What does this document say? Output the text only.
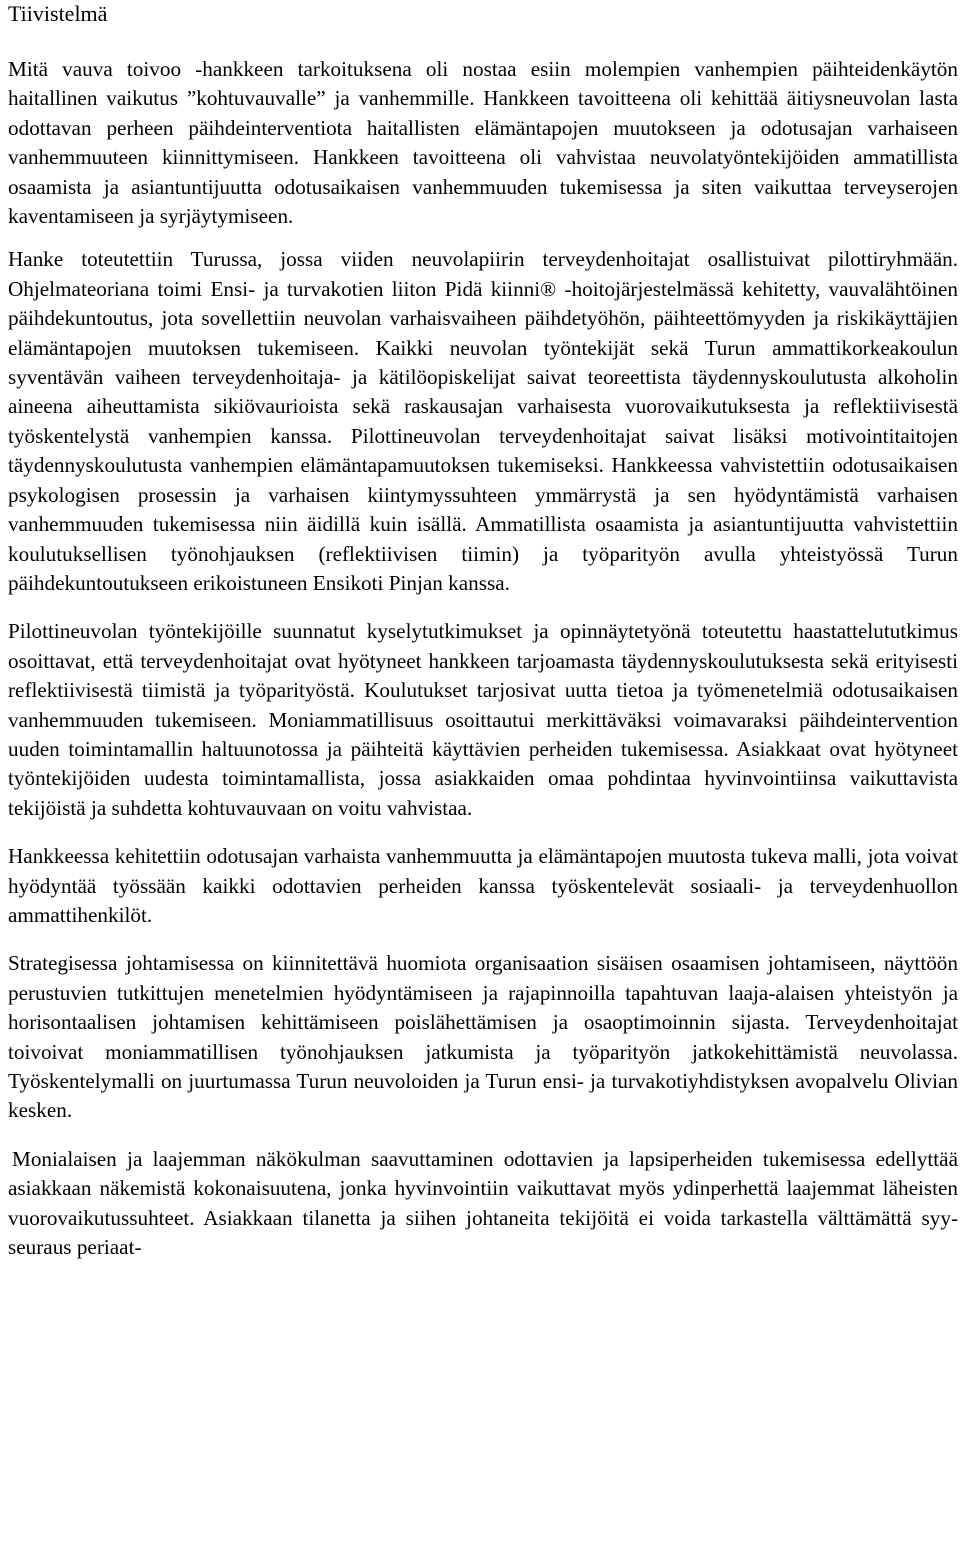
Tiivistelmä

Mitä vauva toivoo -hankkeen tarkoituksena oli nostaa esiin molempien vanhempien päihteidenkäytön haitallinen vaikutus ”kohtuvauvalle” ja vanhemmille. Hankkeen tavoitteena oli kehittää äitiysneuvolan lasta odottavan perheen päihdeinterventiota haitallisten elämäntapojen muutokseen ja odotusajan varhaiseen vanhemmuuteen kiinnittymiseen. Hankkeen tavoitteena oli vahvistaa neuvolatyöntekijöiden ammatillista osaamista ja asiantuntijuutta odotusaikaisen vanhemmuuden tukemisessa ja siten vaikuttaa terveyserojen kaventamiseen ja syrjäytymiseen.

Hanke toteutettiin Turussa, jossa viiden neuvolapiirin terveydenhoitajat osallistuivat pilottiryhmään. Ohjelmateoriana toimi Ensi- ja turvakotien liiton Pidä kiinni® -hoitojärjestelmässä kehitetty, vauvalähtöinen päihdekuntoutus, jota sovellettiin neuvolan varhaisvaiheen päihdetyöhön, päihteettömyyden ja riskikäyttäjien elämäntapojen muutoksen tukemiseen. Kaikki neuvolan työntekijät sekä Turun ammattikorkeakoulun syventävän vaiheen terveydenhoitaja- ja kätilöopiskelijat saivat teoreettista täydennyskoulutusta alkoholin aineena aiheuttamista sikiövaurioista sekä raskausajan varhaisesta vuorovaikutuksesta ja reflektiivisestä työskentelystä vanhempien kanssa. Pilottineuvolan terveydenhoitajat saivat lisäksi motivointitaitojen täydennyskoulutusta vanhempien elämäntapamuutoksen tukemiseksi. Hankkeessa vahvistettiin odotusaikaisen psykologisen prosessin ja varhaisen kiintymyssuhteen ymmärrystä ja sen hyödyntämistä varhaisen vanhemmuuden tukemisessa niin äidillä kuin isällä. Ammatillista osaamista ja asiantuntijuutta vahvistettiin koulutuksellisen työnohjauksen (reflektiivisen tiimin) ja työparityön avulla yhteistyössä Turun päihdekuntoutukseen erikoistuneen Ensikoti Pinjan kanssa.

Pilottineuvolan työntekijöille suunnatut kyselytutkimukset ja opinnäytetyönä toteutettu haastattelututkimus osoittavat, että terveydenhoitajat ovat hyötyneet hankkeen tarjoamasta täydennyskoulutuksesta sekä erityisesti reflektiivisestä tiimistä ja työparityöstä. Koulutukset tarjosivat uutta tietoa ja työmenetelmiä odotusaikaisen vanhemmuuden tukemiseen. Moniammatillisuus osoittautui merkittäväksi voimavaraksi päihdeintervention uuden toimintamallin haltuunotossa ja päihteitä käyttävien perheiden tukemisessa. Asiakkaat ovat hyötyneet työntekijöiden uudesta toimintamallista, jossa asiakkaiden omaa pohdintaa hyvinvointiinsa vaikuttavista tekijöistä ja suhdetta kohtuvauvaan on voitu vahvistaa.

Hankkeessa kehitettiin odotusajan varhaista vanhemmuutta ja elämäntapojen muutosta tukeva malli, jota voivat hyödyntää työssään kaikki odottavien perheiden kanssa työskentelevät sosiaali- ja terveydenhuollon ammattihenkilöt.

Strategisessa johtamisessa on kiinnitettävä huomiota organisaation sisäisen osaamisen johtamiseen, näyttöön perustuvien tutkittujen menetelmien hyödyntämiseen ja rajapinnoilla tapahtuvan laaja-alaisen yhteistyön ja horisontaalisen johtamisen kehittämiseen poislähettämisen ja osaoptimoinnin sijasta. Terveydenhoitajat toivoivat moniammatillisen työnohjauksen jatkumista ja työparityön jatkokehittämistä neuvolassa. Työskentelymalli on juurtumassa Turun neuvoloiden ja Turun ensi- ja turvakotiyhdistyksen avopalvelu Olivian kesken.

Monialaisen ja laajemman näkökulman saavuttaminen odottavien ja lapsiperheiden tukemisessa edellyttää asiakkaan näkemistä kokonaisuutena, jonka hyvinvointiin vaikuttavat myös ydinperhettä laajemmat läheisten vuorovaikutussuhteet. Asiakkaan tilanetta ja siihen johtaneita tekijöitä ei voida tarkastella välttämättä syy-seuraus periaat-
